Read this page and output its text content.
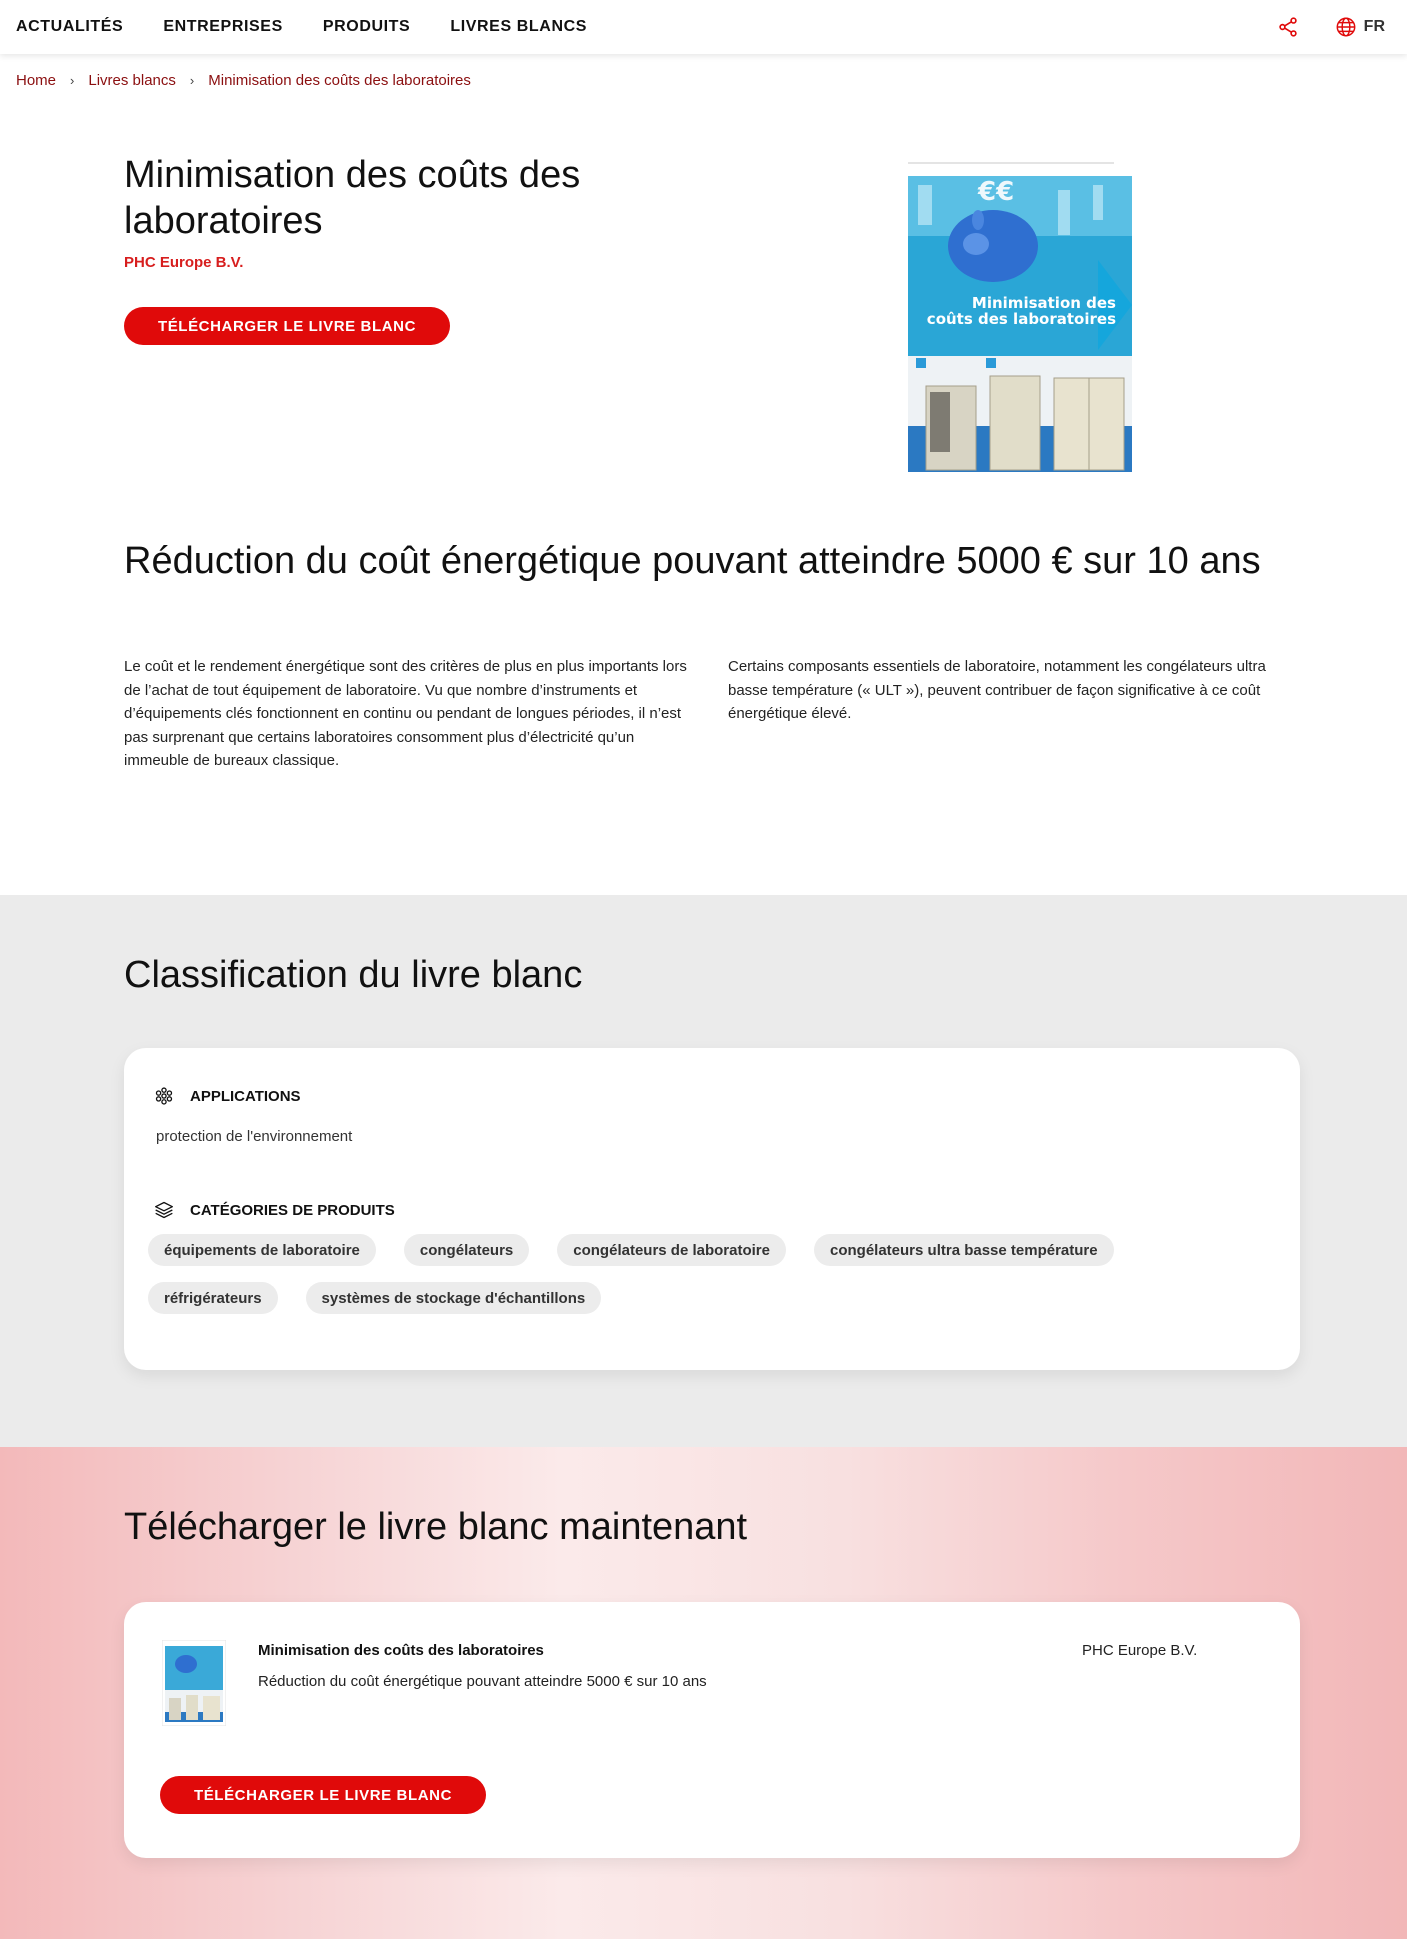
ACTUALITÉS	ENTREPRISES	PRODUITS	LIVRES BLANCS	FR
Home › Livres blancs › Minimisation des coûts des laboratoires
Minimisation des coûts des laboratoires
PHC Europe B.V.
TÉLÉCHARGER LE LIVRE BLANC
€€
Minimisation des
coûts des laboratoires
Réduction du coût énergétique pouvant atteindre 5000 € sur 10 ans

Le coût et le rendement énergétique sont des critères de plus en plus importants lors de l’achat de tout équipement de laboratoire. Vu que nombre d’instruments et d’équipements clés fonctionnent en continu ou pendant de longues périodes, il n’est pas surprenant que certains laboratoires consomment plus d’électricité qu’un immeuble de bureaux classique.

Certains composants essentiels de laboratoire, notamment les congélateurs ultra basse température (« ULT »), peuvent contribuer de façon significative à ce coût énergétique élevé.

Classification du livre blanc
APPLICATIONS
protection de l'environnement
CATÉGORIES DE PRODUITS
équipements de laboratoire	congélateurs	congélateurs de laboratoire	congélateurs ultra basse température
réfrigérateurs	systèmes de stockage d'échantillons
Télécharger le livre blanc maintenant
Minimisation des coûts des laboratoires
Réduction du coût énergétique pouvant atteindre 5000 € sur 10 ans
PHC Europe B.V.
TÉLÉCHARGER LE LIVRE BLANC
